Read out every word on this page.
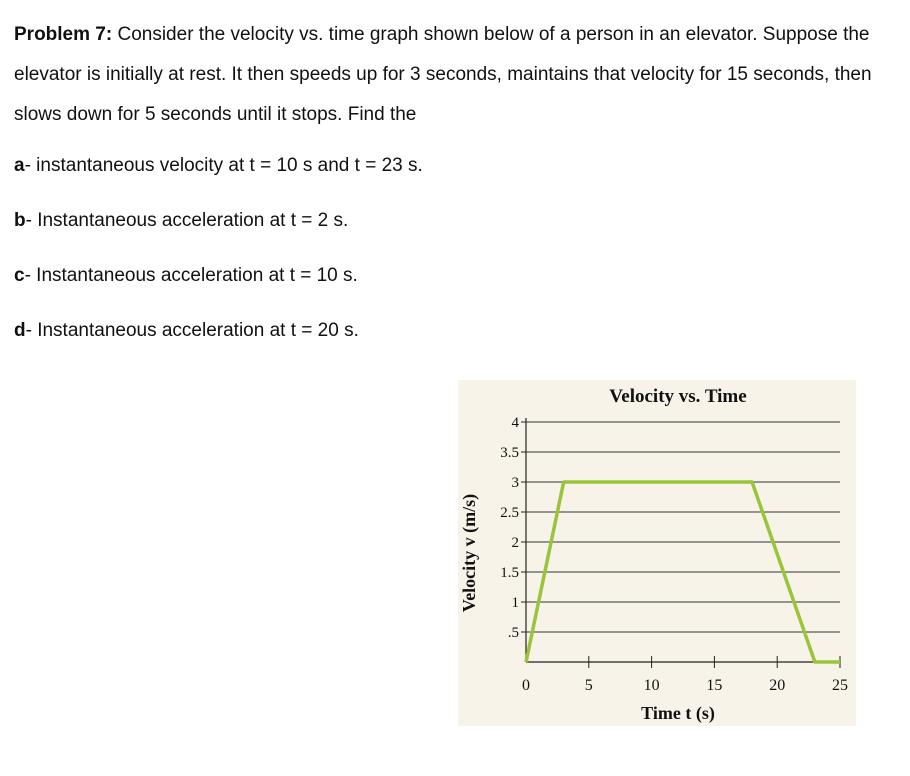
Problem 7: Consider the velocity vs. time graph shown below of a person in an elevator. Suppose the elevator is initially at rest. It then speeds up for 3 seconds, maintains that velocity for 15 seconds, then slows down for 5 seconds until it stops. Find the

a- instantaneous velocity at t = 10 s and t = 23 s.
b- Instantaneous acceleration at t = 2 s.
c- Instantaneous acceleration at t = 10 s.
d- Instantaneous acceleration at t = 20 s.
Velocity vs. Time
.5
1
1.5
2
2.5
3
3.5
4
0	5	10	15	20	25
Time t (s)
Velocity v (m/s)
